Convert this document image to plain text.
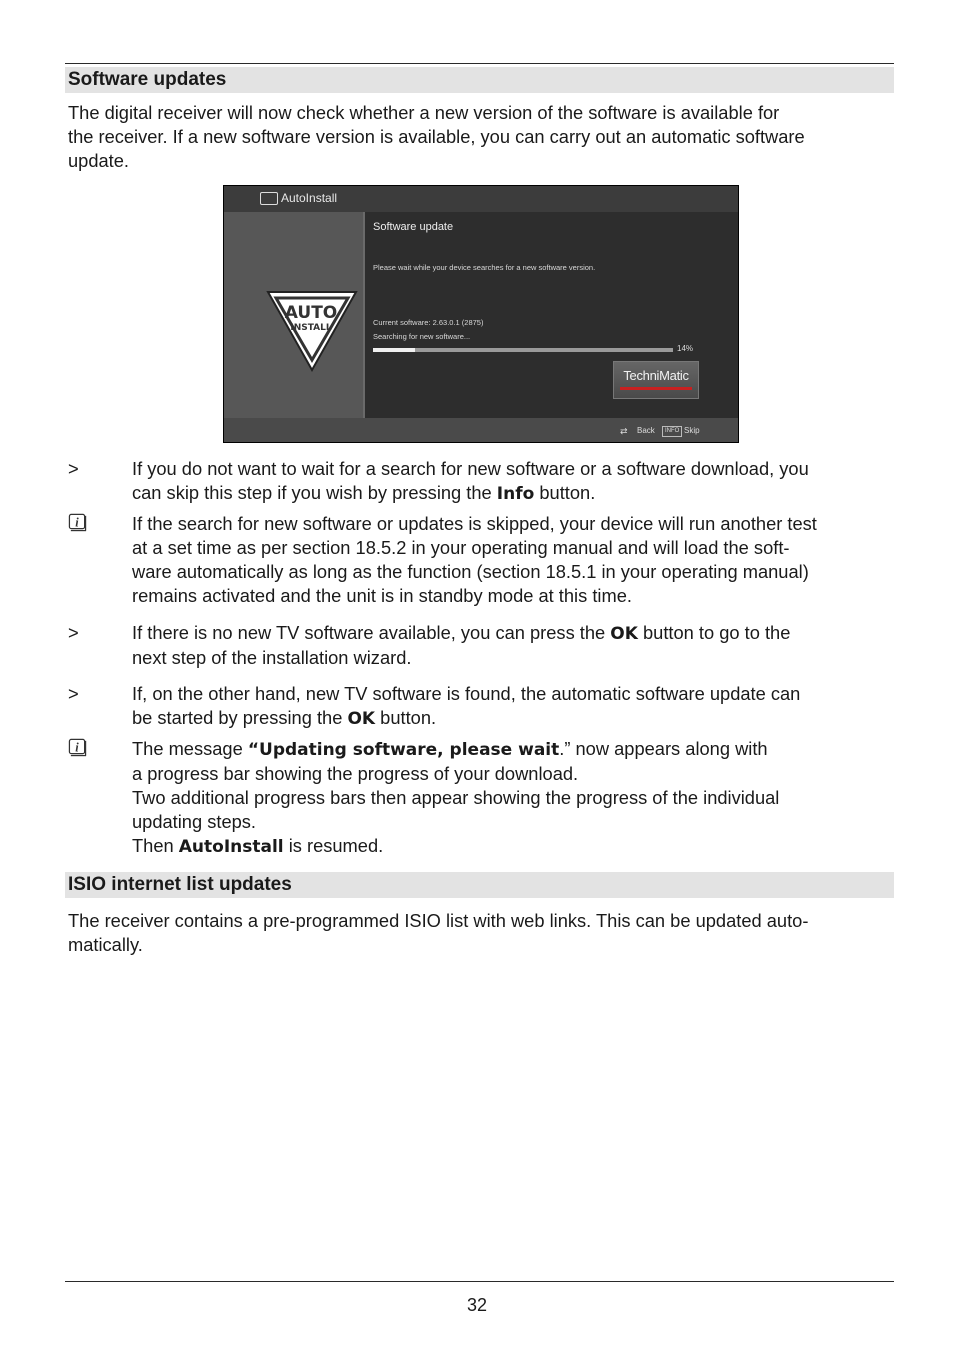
Software updates
The digital receiver will now check whether a new version of the software is available for
the receiver. If a new software version is available, you can carry out an automatic software
update.
AutoInstall
AUTO
INSTALL
Software update
Please wait while your device searches for a new software version.
Current software: 2.63.0.1 (2875)
Searching for new software...
14%
TechniMatic
⇄ Back	INFO Skip
>	If you do not want to wait for a search for new software or a software download, you
can skip this step if you wish by pressing the Info button.
i	If the search for new software or updates is skipped, your device will run another test
at a set time as per section 18.5.2 in your operating manual and will load the soft-
ware automatically as long as the function (section 18.5.1 in your operating manual)
remains activated and the unit is in standby mode at this time.
>	If there is no new TV software available, you can press the OK button to go to the
next step of the installation wizard.
>	If, on the other hand, new TV software is found, the automatic software update can
be started by pressing the OK button.
i	The message “Updating software, please wait.” now appears along with
a progress bar showing the progress of your download.
Two additional progress bars then appear showing the progress of the individual
updating steps.
Then AutoInstall is resumed.
ISIO internet list updates
The receiver contains a pre-programmed ISIO list with web links. This can be updated auto-
matically.
32
